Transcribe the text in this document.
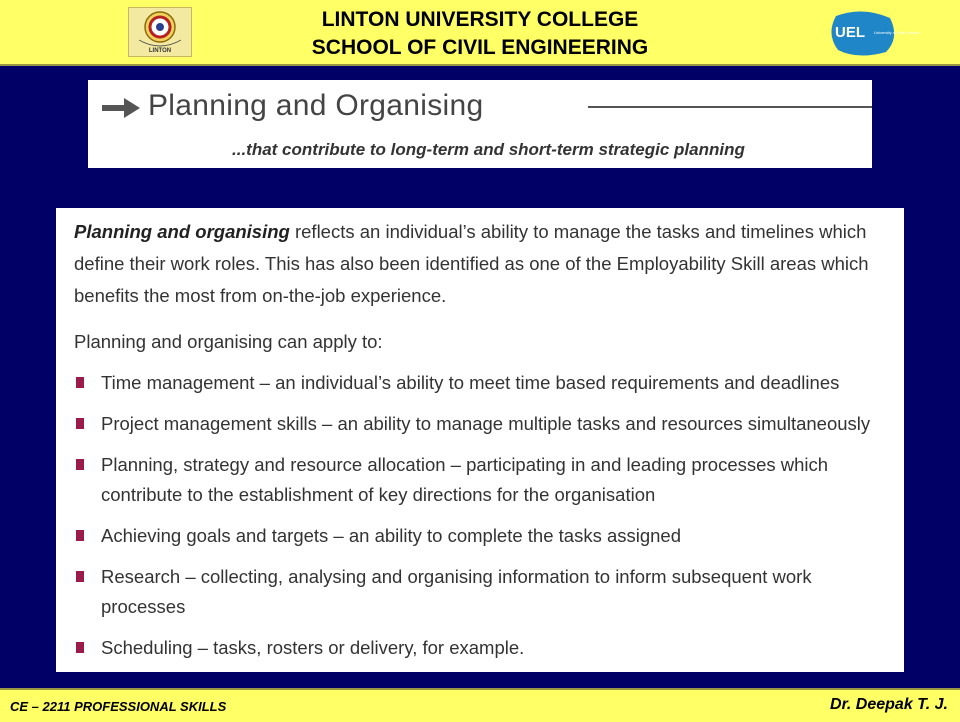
LINTON
LINTON UNIVERSITY COLLEGE
SCHOOL OF CIVIL ENGINEERING
UEL University of East London
Planning and Organising
...that contribute to long-term and short-term strategic planning

Planning and organising reflects an individual’s ability to manage the tasks and timelines which define their work roles. This has also been identified as one of the Employability Skill areas which benefits the most from on-the-job experience.

Planning and organising can apply to:
Time management – an individual’s ability to meet time based requirements and deadlines
Project management skills – an ability to manage multiple tasks and resources simultaneously
Planning, strategy and resource allocation – participating in and leading processes which contribute to the establishment of key directions for the organisation
Achieving goals and targets – an ability to complete the tasks assigned
Research – collecting, analysing and organising information to inform subsequent work processes
Scheduling – tasks, rosters or delivery, for example.
CE – 2211 PROFESSIONAL SKILLS	Dr. Deepak T. J.
